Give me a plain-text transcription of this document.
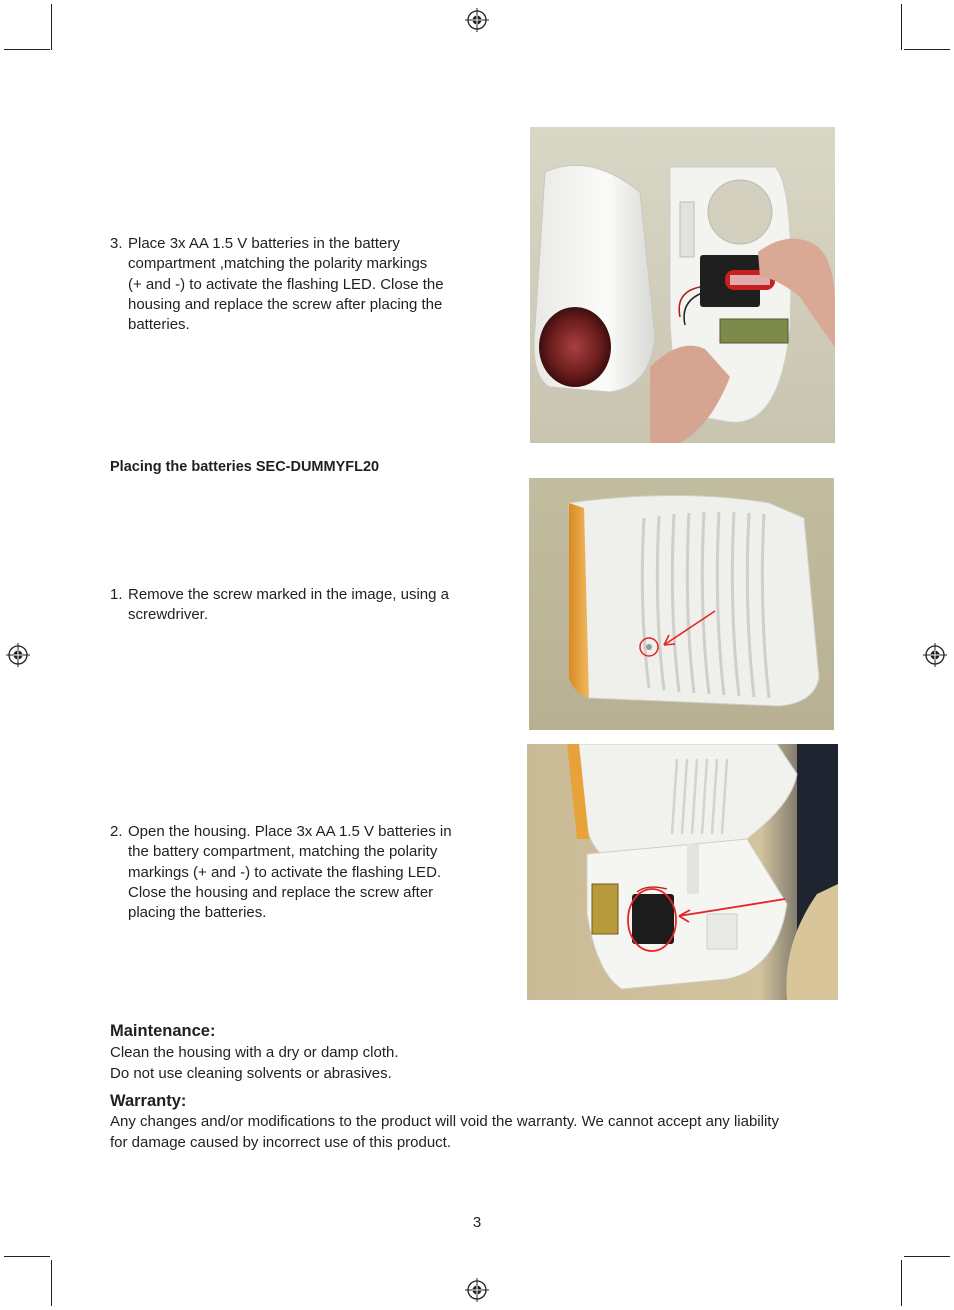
3. Place 3x AA 1.5 V batteries in the battery
compartment ,matching the polarity markings
(+ and -) to activate the flashing LED. Close the
housing and replace the screw after placing the
batteries.
Placing the batteries SEC-DUMMYFL20
1. Remove the screw marked in the image, using a
screwdriver.
2. Open the housing. Place 3x AA 1.5 V batteries in
the battery compartment, matching the polarity
markings (+ and -) to activate the flashing LED.
Close the housing and replace the screw after
placing the batteries.
Maintenance:
Clean the housing with a dry or damp cloth.
Do not use cleaning solvents or abrasives.
Warranty:
Any changes and/or modifications to the product will void the warranty. We cannot accept any liability
for damage caused by incorrect use of this product.
3
